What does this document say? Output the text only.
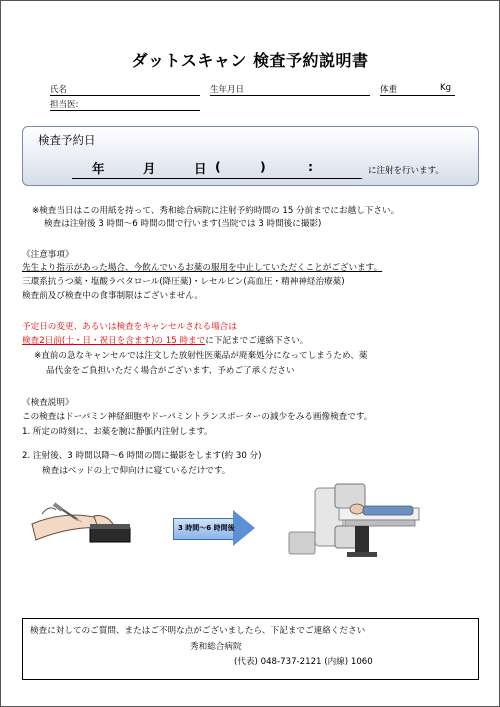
ダットスキャン 検査予約説明書
氏名	生年月日	体重	Kg
担当医:
検査予約日
年	月	日 (	)	:	に注射を行います。
※検査当日はこの用紙を持って、秀和総合病院に注射予約時間の 15 分前までにお越し下さい。
検査は注射後 3 時間～6 時間の間で行います(当院では 3 時間後に撮影)
《注意事項》
先生より指示があった場合、今飲んでいるお薬の服用を中止していただくことがございます。
三環系抗うつ薬・塩酸ラベタロール(降圧薬)・レセルピン(高血圧・精神神経治療薬)
検査前及び検査中の食事制限はございません。
予定日の変更、あるいは検査をキャンセルされる場合は
検査2日前(土・日・祝日を含ます)の 15 時までに下記までご連絡下さい。
※直前の急なキャンセルでは注文した放射性医薬品が廃棄処分になってしまうため、薬
品代金をご負担いただく場合がございます、予めご了承ください
《検査説明》
この検査はドーパミン神経細胞やドーパミントランスポーターの減少をみる画像検査です。
1. 所定の時刻に、お薬を腕に静脈内注射します。
2. 注射後、3 時間以降～6 時間の間に撮影をします(約 30 分)
検査はベッドの上で仰向けに寝ているだけです。
3 時間～6 時間後
検査に対してのご質問、またはご不明な点がございましたら、下記までご連絡ください
秀和総合病院
(代表) 048-737-2121 (内線) 1060
